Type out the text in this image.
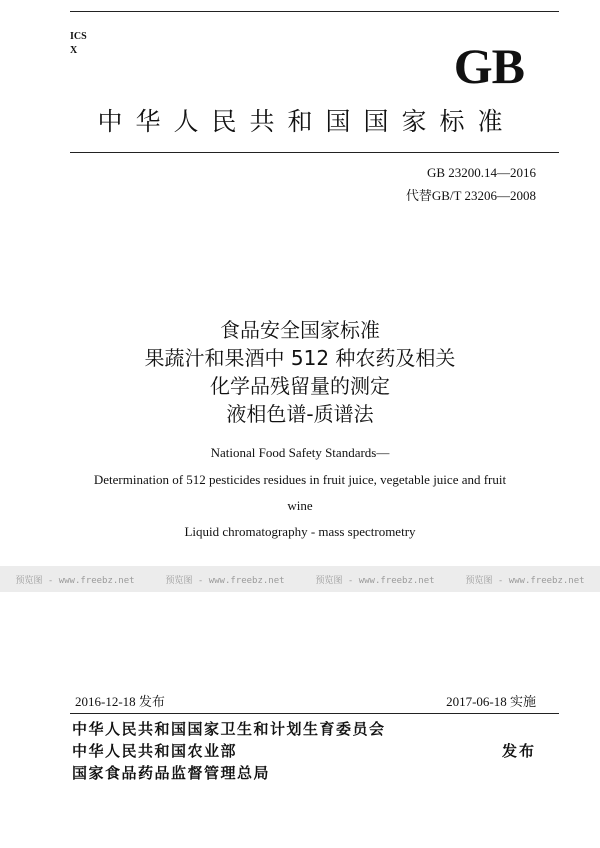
ICS
X	GB
中华人民共和国国家标准
GB 23200.14—2016
代替GB/T 23206—2008
食品安全国家标准
果蔬汁和果酒中 512 种农药及相关
化学品残留量的测定
液相色谱-质谱法
National Food Safety Standards—
Determination of 512 pesticides residues in fruit juice, vegetable juice and fruit
wine
Liquid chromatography - mass spectrometry
预览图 - www.freebz.net	预览图 - www.freebz.net	预览图 - www.freebz.net	预览图 - www.freebz.net
2016-12-18 发布	2017-06-18 实施
中华人民共和国国家卫生和计划生育委员会
中华人民共和国农业部
国家食品药品监督管理总局
发布
